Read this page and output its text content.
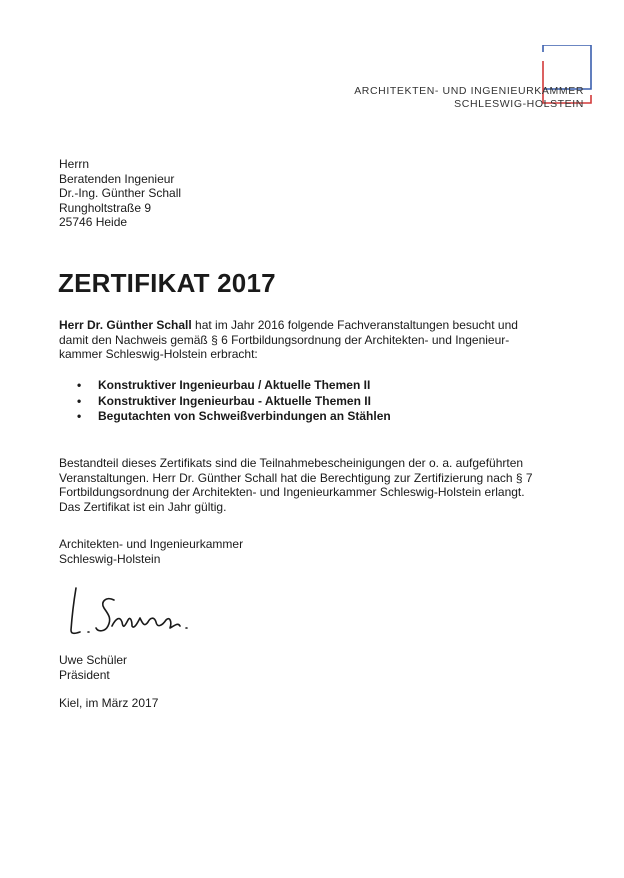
ARCHITEKTEN- UND INGENIEURKAMMER
SCHLESWIG-HOLSTEIN
Herrn
Beratenden Ingenieur
Dr.-Ing. Günther Schall
Rungholtstraße 9
25746 Heide
ZERTIFIKAT 2017
Herr Dr. Günther Schall hat im Jahr 2016 folgende Fachveranstaltungen besucht und damit den Nachweis gemäß § 6 Fortbildungsordnung der Architekten- und Ingenieur-kammer Schleswig-Holstein erbracht:
• Konstruktiver Ingenieurbau / Aktuelle Themen II
• Konstruktiver Ingenieurbau - Aktuelle Themen II
• Begutachten von Schweißverbindungen an Stählen
Bestandteil dieses Zertifikats sind die Teilnahmebescheinigungen der o. a. aufgeführten Veranstaltungen. Herr Dr. Günther Schall hat die Berechtigung zur Zertifizierung nach § 7 Fortbildungsordnung der Architekten- und Ingenieurkammer Schleswig-Holstein erlangt. Das Zertifikat ist ein Jahr gültig.
Architekten- und Ingenieurkammer
Schleswig-Holstein
Uwe Schüler
Präsident
Kiel, im März 2017
